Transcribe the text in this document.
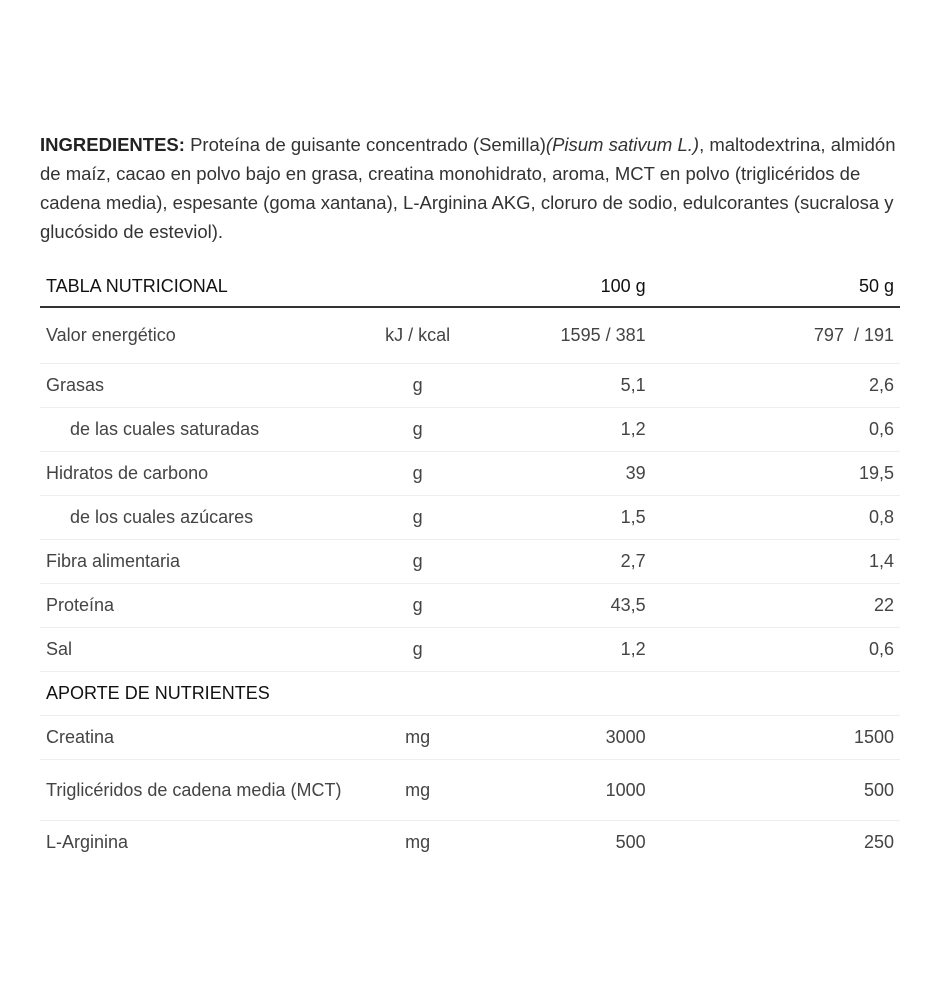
INGREDIENTES: Proteína de guisante concentrado (Semilla)(Pisum sativum L.), maltodextrina, almidón de maíz, cacao en polvo bajo en grasa, creatina monohidrato, aroma, MCT en polvo (triglicéridos de cadena media), espesante (goma xantana), L-Arginina AKG, cloruro de sodio, edulcorantes (sucralosa y glucósido de esteviol).
TABLA NUTRICIONAL		100 g	50 g
Valor energético	kJ / kcal	1595 / 381	797  / 191
Grasas	g	5,1	2,6
de las cuales saturadas	g	1,2	0,6
Hidratos de carbono	g	39	19,5
de los cuales azúcares	g	1,5	0,8
Fibra alimentaria	g	2,7	1,4
Proteína	g	43,5	22
Sal	g	1,2	0,6
APORTE DE NUTRIENTES			
Creatina	mg	3000	1500
Triglicéridos de cadena media (MCT)	mg	1000	500
L-Arginina	mg	500	250
